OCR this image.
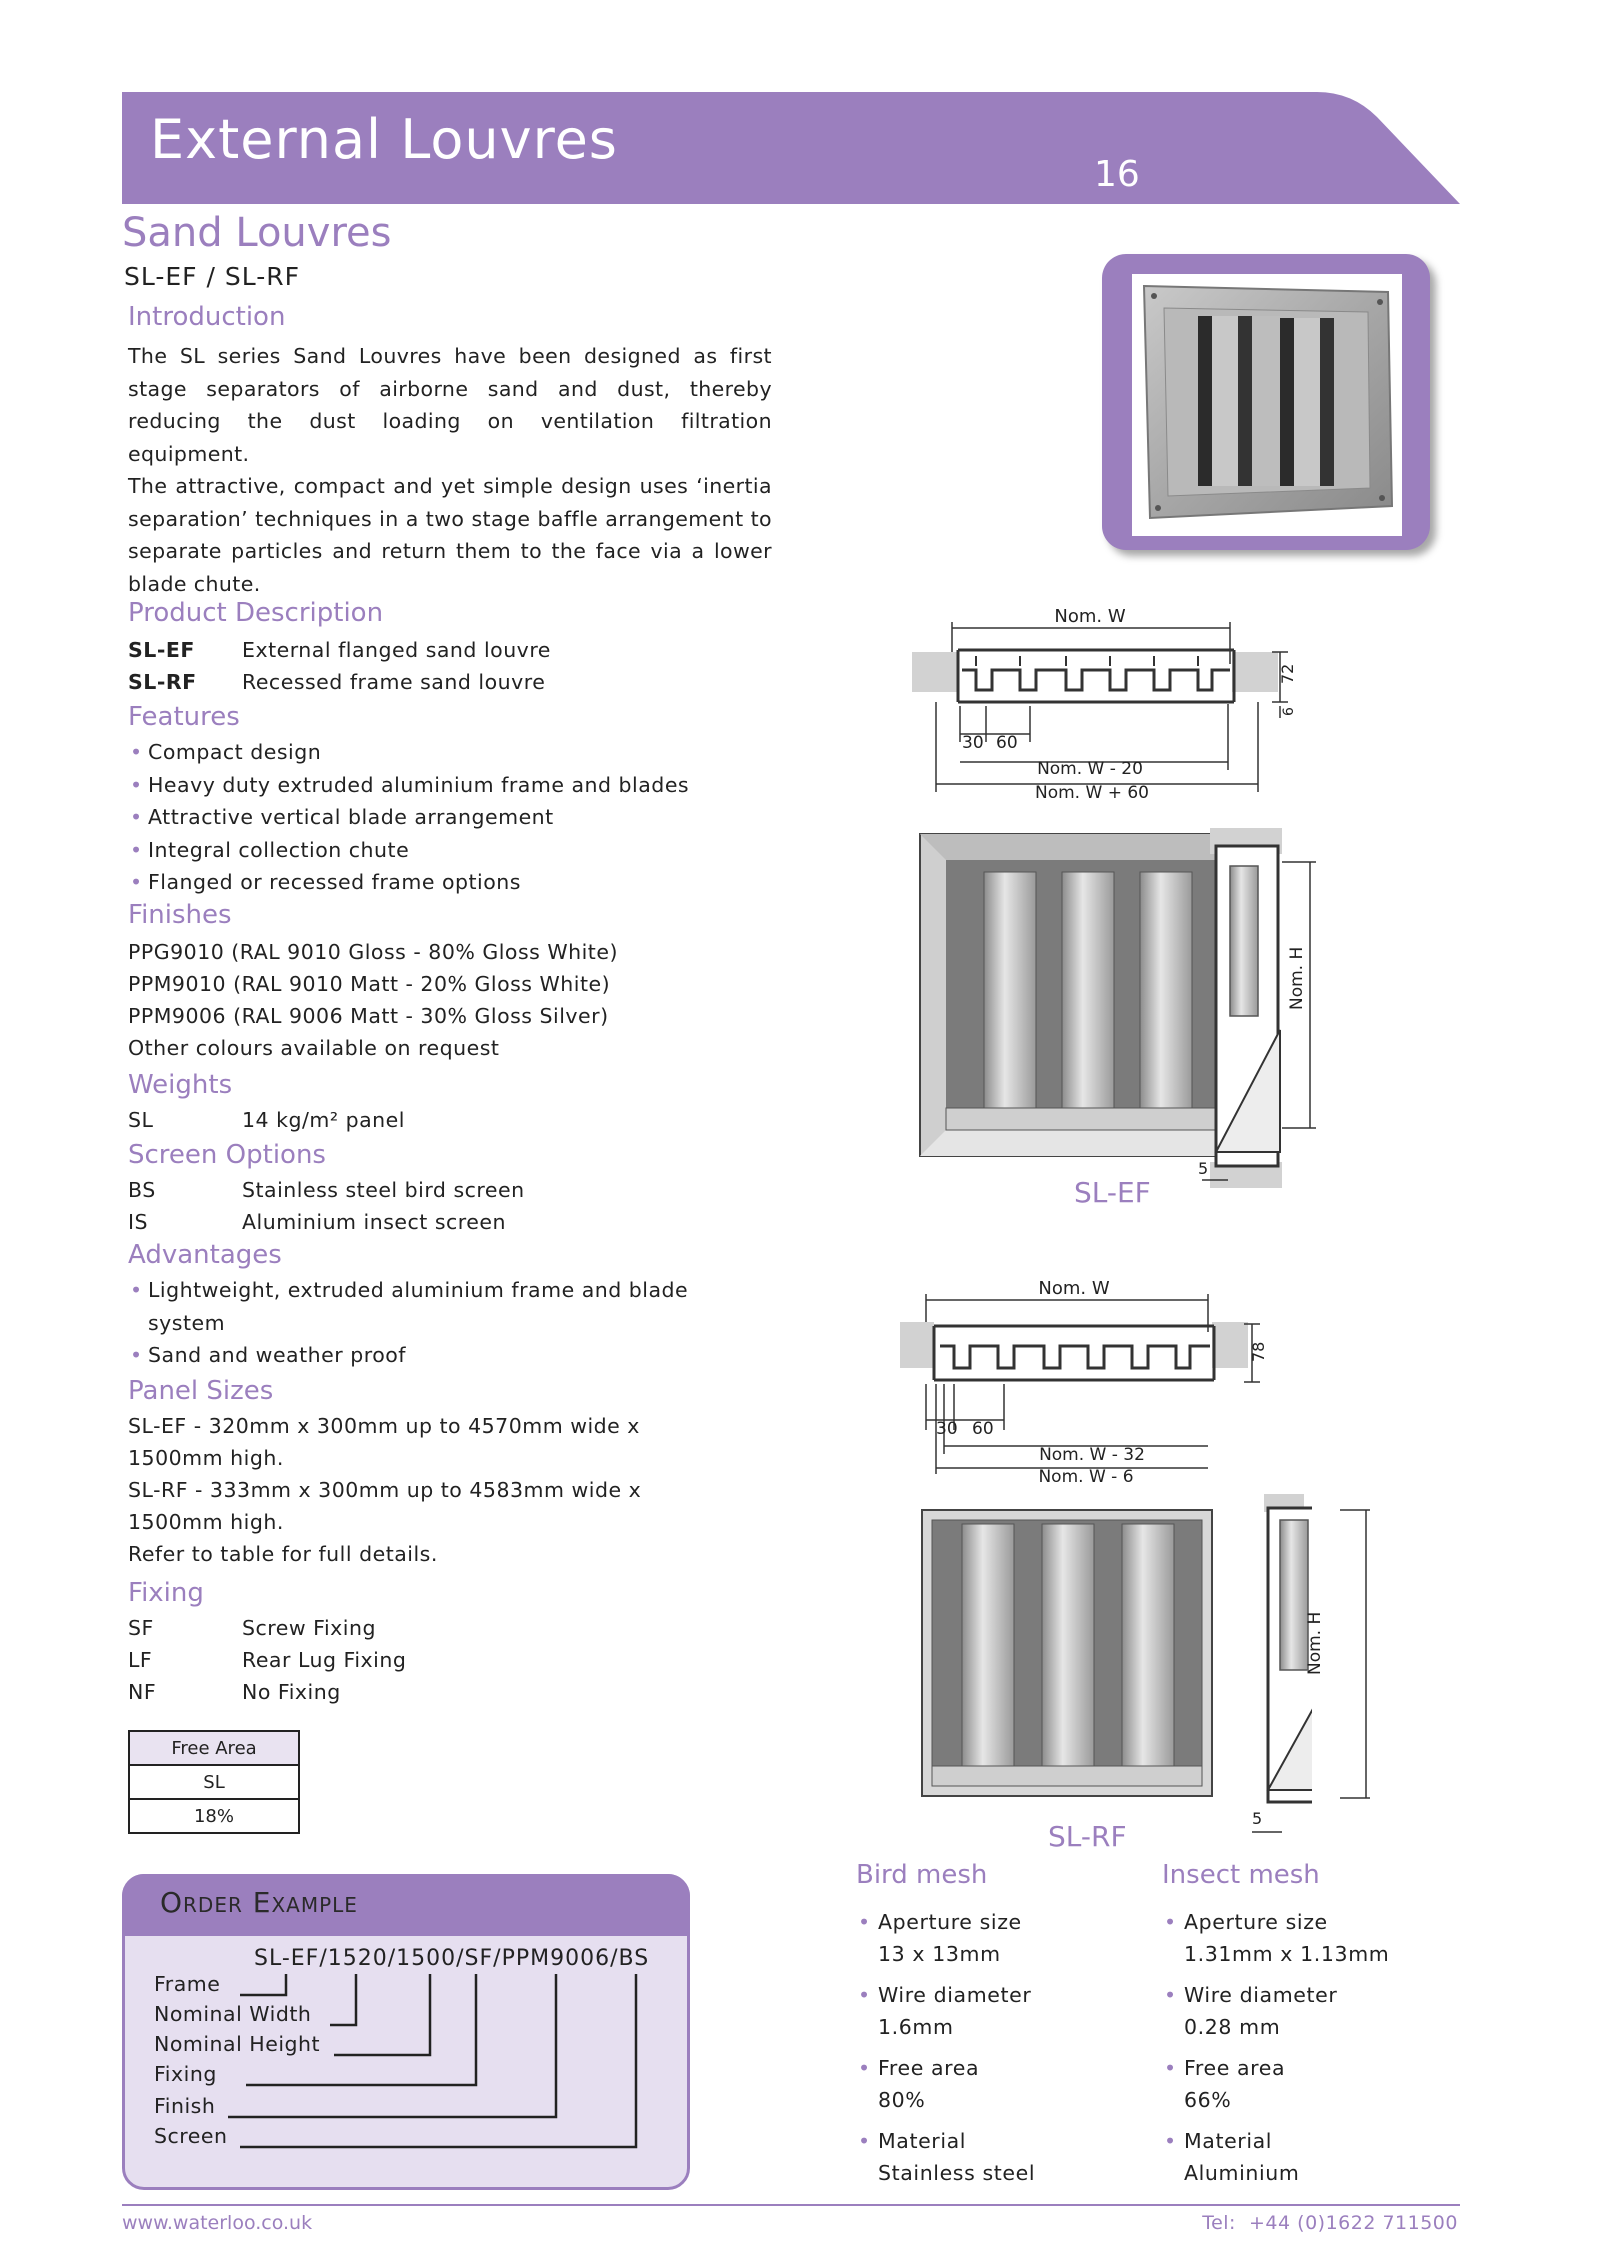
External Louvres
16
Sand Louvres
SL-EF / SL-RF
Introduction
The SL series Sand Louvres have been designed as first stage separators of airborne sand and dust, thereby reducing the dust loading on ventilation filtration equipment.
The attractive, compact and yet simple design uses ‘inertia separation’ techniques in a two stage baffle arrangement to separate particles and return them to the face via a lower blade chute.
Product Description
SL-EF External flanged sand louvre
SL-RF Recessed frame sand louvre
Features
• Compact design
• Heavy duty extruded aluminium frame and blades
• Attractive vertical blade arrangement
• Integral collection chute
• Flanged or recessed frame options
Finishes
PPG9010 (RAL 9010 Gloss - 80% Gloss White)
PPM9010 (RAL 9010 Matt - 20% Gloss White)
PPM9006 (RAL 9006 Matt - 30% Gloss Silver)
Other colours available on request
Weights
SL	14 kg/m² panel
Screen Options
BS	Stainless steel bird screen
IS	Aluminium insect screen
Advantages
• Lightweight, extruded aluminium frame and blade system
• Sand and weather proof
Panel Sizes
SL-EF - 320mm x 300mm up to 4570mm wide x
1500mm high.
SL-RF - 333mm x 300mm up to 4583mm wide x
1500mm high.
Refer to table for full details.
Fixing
SF	Screw Fixing
LF	Rear Lug Fixing
NF	No Fixing
Free Area
SL
18%
Order Example
SL-EF/1520/1500/SF/PPM9006/BS
Frame
Nominal Width
Nominal Height
Fixing
Finish
Screen
Nom. W
72
6
30 60
Nom. W - 20
Nom. W + 60
Nom. H
5
SL-EF
Nom. W
78
30 60
Nom. W - 32
Nom. W - 6
5
Nom. H
SL-RF
Bird mesh
• Aperture size
13 x 13mm
• Wire diameter
1.6mm
• Free area
80%
• Material
Stainless steel
Insect mesh
• Aperture size
1.31mm x 1.13mm
• Wire diameter
0.28 mm
• Free area
66%
• Material
Aluminium
www.waterloo.co.uk	Tel:  +44 (0)1622 711500
